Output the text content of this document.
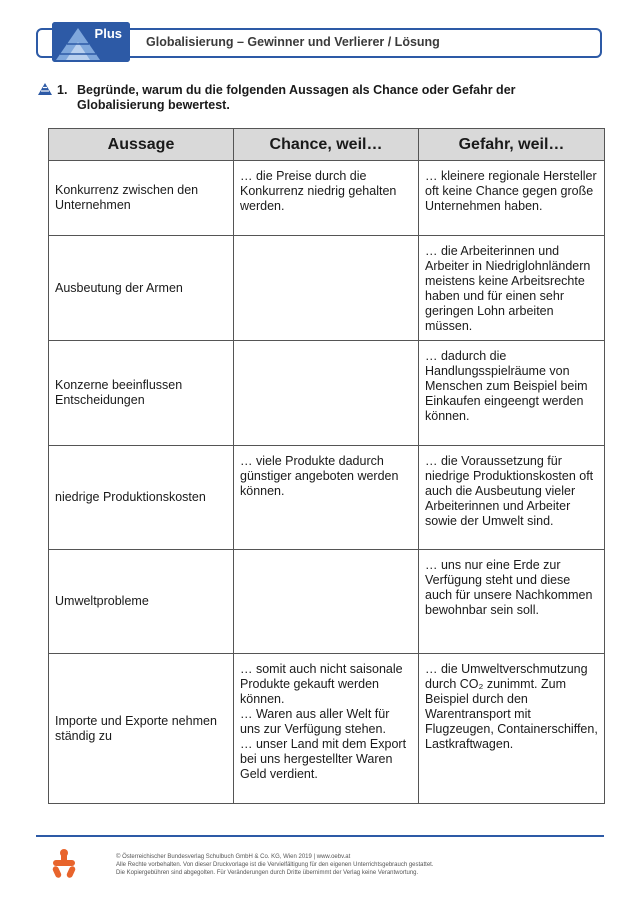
Plus
Globalisierung – Gewinner und Verlierer / Lösung
1. Begründe, warum du die folgenden Aussagen als Chance oder Gefahr der Globalisierung bewertest.
Aussage	Chance, weil…	Gefahr, weil…
Konkurrenz zwischen den Unternehmen	… die Preise durch die Konkurrenz niedrig gehalten werden.	… kleinere regionale Hersteller oft keine Chance gegen große Unternehmen haben.

Ausbeutung der Armen		… die Arbeiterinnen und Arbeiter in Niedriglohnländern meistens keine Arbeitsrechte haben und für einen sehr geringen Lohn arbeiten müssen.

Konzerne beeinflussen Entscheidungen		… dadurch die Handlungsspielräume von Menschen zum Beispiel beim Einkaufen eingeengt werden können.

niedrige Produktionskosten	… viele Produkte dadurch günstiger angeboten werden können.	… die Voraussetzung für niedrige Produktionskosten oft auch die Ausbeutung vieler Arbeiterinnen und Arbeiter sowie der Umwelt sind.

Umweltprobleme		… uns nur eine Erde zur Verfügung steht und diese auch für unsere Nachkommen bewohnbar sein soll.

Importe und Exporte nehmen ständig zu	… somit auch nicht saisonale Produkte gekauft werden können.
… Waren aus aller Welt für uns zur Verfügung stehen.
… unser Land mit dem Export bei uns hergestellter Waren Geld verdient.	… die Umweltverschmutzung durch CO₂ zunimmt. Zum Beispiel durch den Warentransport mit Flugzeugen, Containerschiffen, Lastkraftwagen.
© Österreichischer Bundesverlag Schulbuch GmbH & Co. KG, Wien 2019 | www.oebv.at
Alle Rechte vorbehalten. Von dieser Druckvorlage ist die Vervielfältigung für den eigenen Unterrichtsgebrauch gestattet.
Die Kopiergebühren sind abgegolten. Für Veränderungen durch Dritte übernimmt der Verlag keine Verantwortung.
